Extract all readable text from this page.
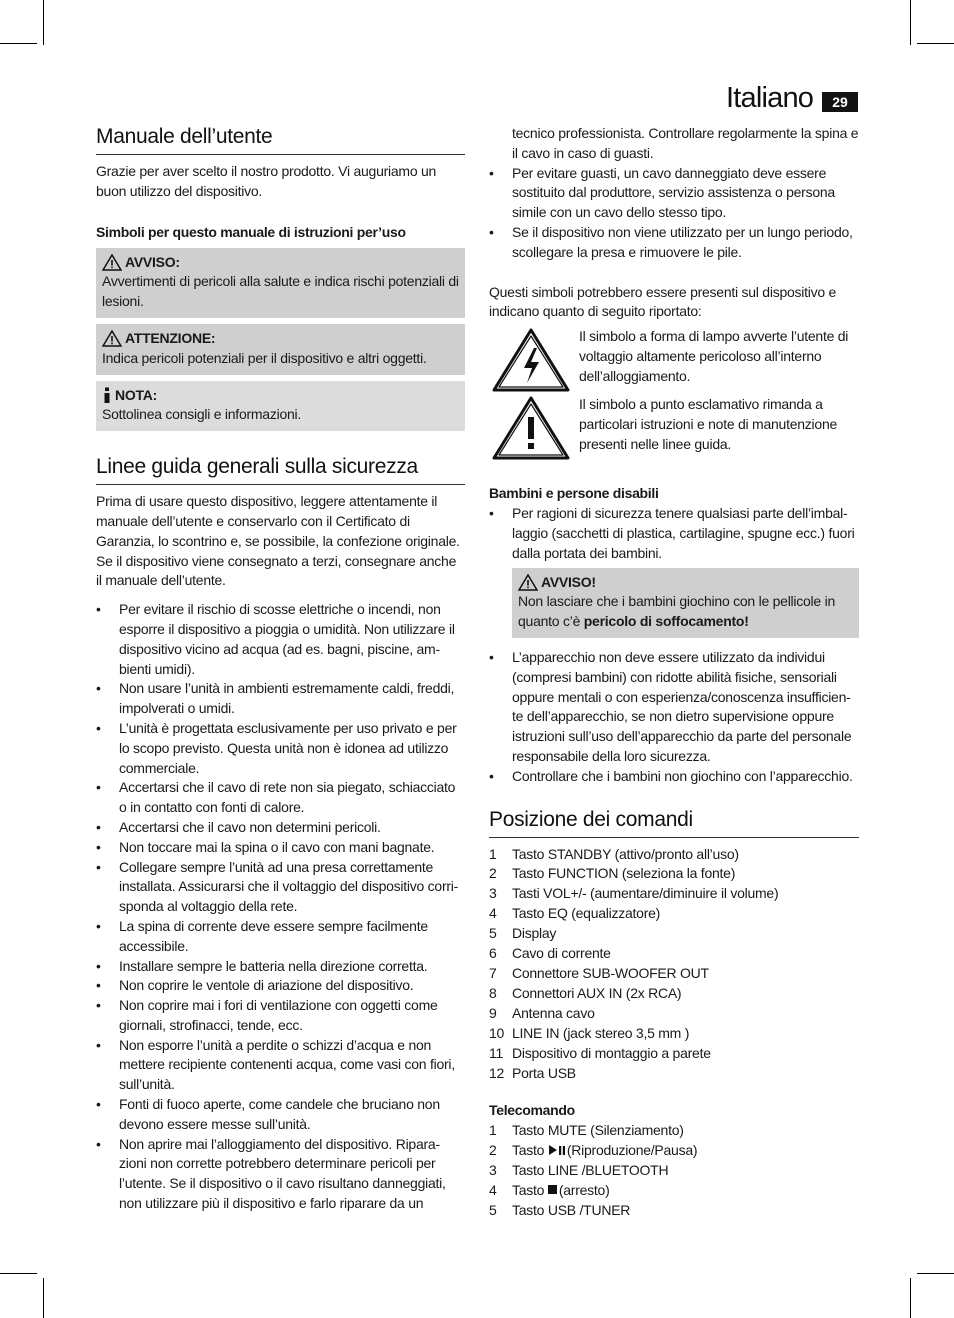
Italiano	29
Manuale dell’utente

Grazie per aver scelto il nostro prodotto. Vi auguriamo un buon utilizzo del dispositivo.

Simboli per questo manuale di istruzioni per’uso

AVVISO:
Avvertimenti di pericoli alla salute e indica rischi potenziali di lesioni.
ATTENZIONE:
Indica pericoli potenziali per il dispositivo e altri oggetti.
NOTA:
Sottolinea consigli e informazioni.
Linee guida generali sulla sicurezza

Prima di usare questo dispositivo, leggere attentamente il manuale dell’utente e conservarlo con il Certificato di Garanzia, lo scontrino e, se possibile, la confezione originale. Se il dispositivo viene consegnato a terzi, consegnare anche il manuale dell’utente.

• Per evitare il rischio di scosse elettriche o incendi, non esporre il dispositivo a pioggia o umidità. Non utilizzare il dispositivo vicino ad acqua (ad es. bagni, piscine, am- bienti umidi).
• Non usare l’unità in ambienti estremamente caldi, freddi, impolverati o umidi.
• L’unità è progettata esclusivamente per uso privato e per lo scopo previsto. Questa unità non è idonea ad utilizzo commerciale.
• Accertarsi che il cavo di rete non sia piegato, schiacciato o in contatto con fonti di calore.
• Accertarsi che il cavo non determini pericoli.
• Non toccare mai la spina o il cavo con mani bagnate.
• Collegare sempre l’unità ad una presa correttamente installata. Assicurarsi che il voltaggio del dispositivo corri- sponda al voltaggio della rete.
• La spina di corrente deve essere sempre facilmente accessibile.
• Installare sempre le batteria nella direzione corretta.
• Non coprire le ventole di ariazione del dispositivo.
• Non coprire mai i fori di ventilazione con oggetti come giornali, strofinacci, tende, ecc.
• Non esporre l’unità a perdite o schizzi d’acqua e non mettere recipiente contenenti acqua, come vasi con fiori, sull’unità.
• Fonti di fuoco aperte, come candele che bruciano non devono essere messe sull’unità.
• Non aprire mai l’alloggiamento del dispositivo. Ripara- zioni non corrette potrebbero determinare pericoli per l’utente. Se il dispositivo o il cavo risultano danneggiati, non utilizzare più il dispositivo e farlo riparare da un

tecnico professionista. Controllare regolarmente la spina e il cavo in caso di guasti.

• Per evitare guasti, un cavo danneggiato deve essere sostituito dal produttore, servizio assistenza o persona simile con un cavo dello stesso tipo.
• Se il dispositivo non viene utilizzato per un lungo periodo, scollegare la presa e rimuovere le pile.

Questi simboli potrebbero essere presenti sul dispositivo e indicano quanto di seguito riportato:

Il simbolo a forma di lampo avverte l’utente di voltaggio altamente pericoloso all’interno dell’alloggiamento.

Il simbolo a punto esclamativo rimanda a particolari istruzioni e note di manutenzione presenti nelle linee guida.

Bambini e persone disabili

• Per ragioni di sicurezza tenere qualsiasi parte dell’imbal- laggio (sacchetti di plastica, cartilagine, spugne ecc.) fuori dalla portata dei bambini.
AVVISO!
Non lasciare che i bambini giochino con le pellicole in quanto c’è pericolo di soffocamento!
• L’apparecchio non deve essere utilizzato da individui (compresi bambini) con ridotte abilità fisiche, sensoriali oppure mentali o con esperienza/conoscenza insufficien- te dell’apparecchio, se non dietro supervisione oppure istruzioni sull’uso dell’apparecchio da parte del personale responsabile della loro sicurezza.
• Controllare che i bambini non giochino con l’apparecchio.
Posizione dei comandi
1 Tasto STANDBY (attivo/pronto all’uso)
2 Tasto FUNCTION (seleziona la fonte)
3 Tasti VOL+/- (aumentare/diminuire il volume)
4 Tasto EQ (equalizzatore)
5 Display
6 Cavo di corrente
7 Connettore SUB-WOOFER OUT
8 Connettori AUX IN (2x RCA)
9 Antenna cavo
10 LINE IN (jack stereo 3,5 mm )
11 Dispositivo di montaggio a parete
12 Porta USB

Telecomando

1 Tasto MUTE (Silenziamento)
2 Tasto (Riproduzione/Pausa)
3 Tasto LINE /BLUETOOTH
4 Tasto (arresto)
5 Tasto USB /TUNER
